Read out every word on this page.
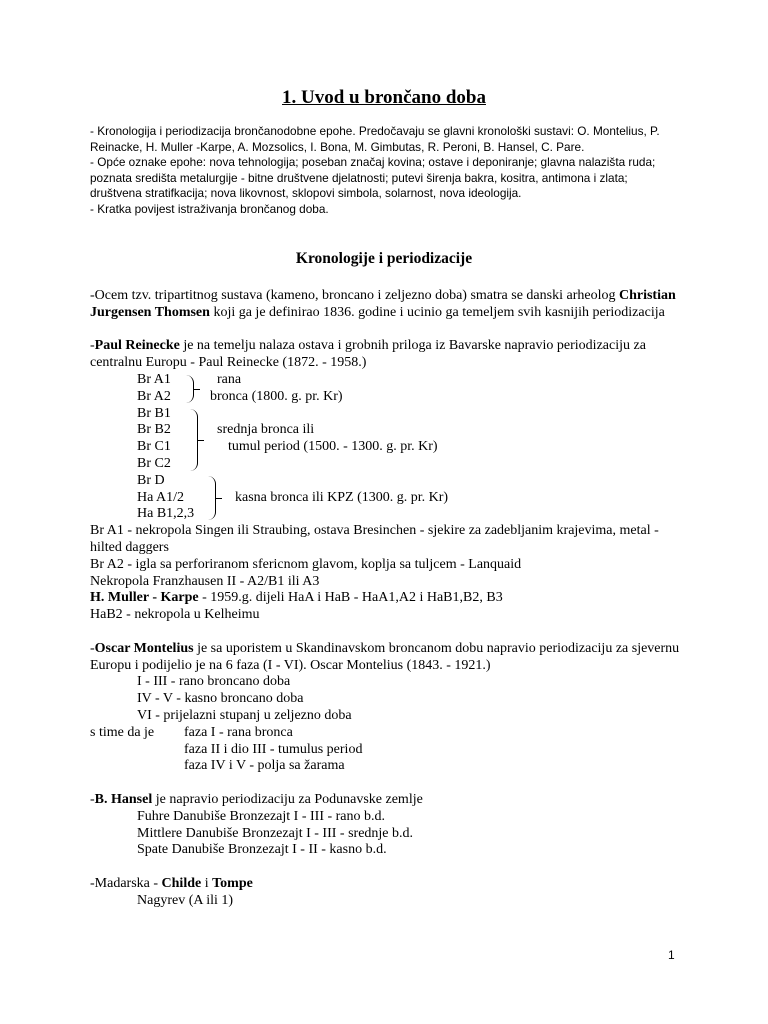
1. Uvod u brončano doba

- Kronologija i periodizacija brončanodobne epohe. Predočavaju se glavni kronološki sustavi: O. Montelius, P. Reinacke, H. Muller -Karpe, A. Mozsolics, I. Bona, M. Gimbutas, R. Peroni, B. Hansel, C. Pare.

- Opće oznake epohe: nova tehnologija; poseban značaj kovina; ostave i deponiranje; glavna nalazišta ruda; poznata središta metalurgije - bitne društvene djelatnosti; putevi širenja bakra, kositra, antimona i zlata; društvena stratifkacija; nova likovnost, sklopovi simbola, solarnost, nova ideologija.

- Kratka povijest istraživanja brončanog doba.

Kronologije i periodizacije

-Ocem tzv. tripartitnog sustava (kameno, broncano i zeljezno doba) smatra se danski arheolog Christian Jurgensen Thomsen koji ga je definirao 1836. godine i ucinio ga temeljem svih kasnijih periodizacija

-Paul Reinecke je na temelju nalaza ostava i grobnih priloga iz Bavarske napravio periodizaciju za centralnu Europu - Paul Reinecke (1872. - 1958.)

Br A1	rana
Br A2	bronca (1800. g. pr. Kr)
Br B1
Br B2	srednja bronca ili
Br C1	tumul period (1500. - 1300. g. pr. Kr)
Br C2
Br D
Ha A1/2	kasna bronca ili KPZ (1300. g. pr. Kr)
Ha B1,2,3

Br A1 - nekropola Singen ili Straubing, ostava Bresinchen - sjekire za zadebljanim krajevima, metal - hilted daggers

Br A2 - igla sa perforiranom sfericnom glavom, koplja sa tuljcem - Lanquaid

Nekropola Franzhausen II - A2/B1 ili A3

H. Muller - Karpe - 1959.g. dijeli HaA i HaB - HaA1,A2 i HaB1,B2, B3

HaB2 - nekropola u Kelheimu

-Oscar Montelius je sa uporistem u Skandinavskom broncanom dobu napravio periodizaciju za sjevernu Europu i podijelio je na 6 faza (I - VI). Oscar Montelius (1843. - 1921.)

I - III - rano broncano doba

IV - V - kasno broncano doba

VI - prijelazni stupanj u zeljezno doba

s time da je faza I - rana bronca

faza II i dio III - tumulus period

faza IV i V - polja sa žarama

-B. Hansel je napravio periodizaciju za Podunavske zemlje

Fuhre Danubiše Bronzezajt I - III - rano b.d.

Mittlere Danubiše Bronzezajt I - III - srednje b.d.

Spate Danubiše Bronzezajt I - II - kasno b.d.

-Madarska - Childe i Tompe

Nagyrev (A ili 1)

1
